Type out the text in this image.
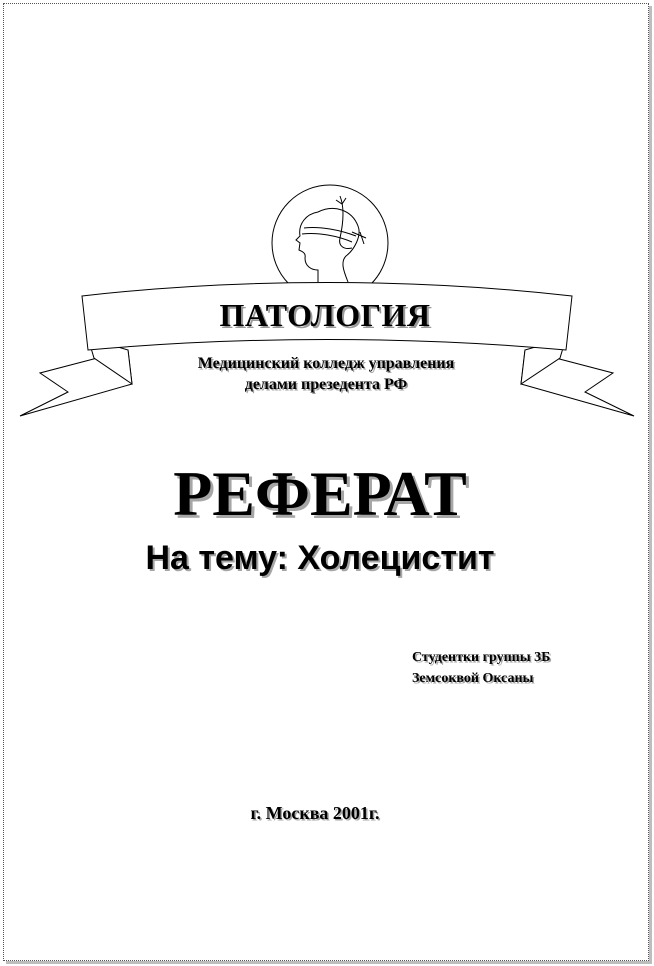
ПАТОЛОГИЯ
Медицинский колледж управления
делами презедента РФ
РЕФЕРАТ
На тему: Холецистит
Студентки группы 3Б
Земсоквой Оксаны
г. Москва 2001г.
